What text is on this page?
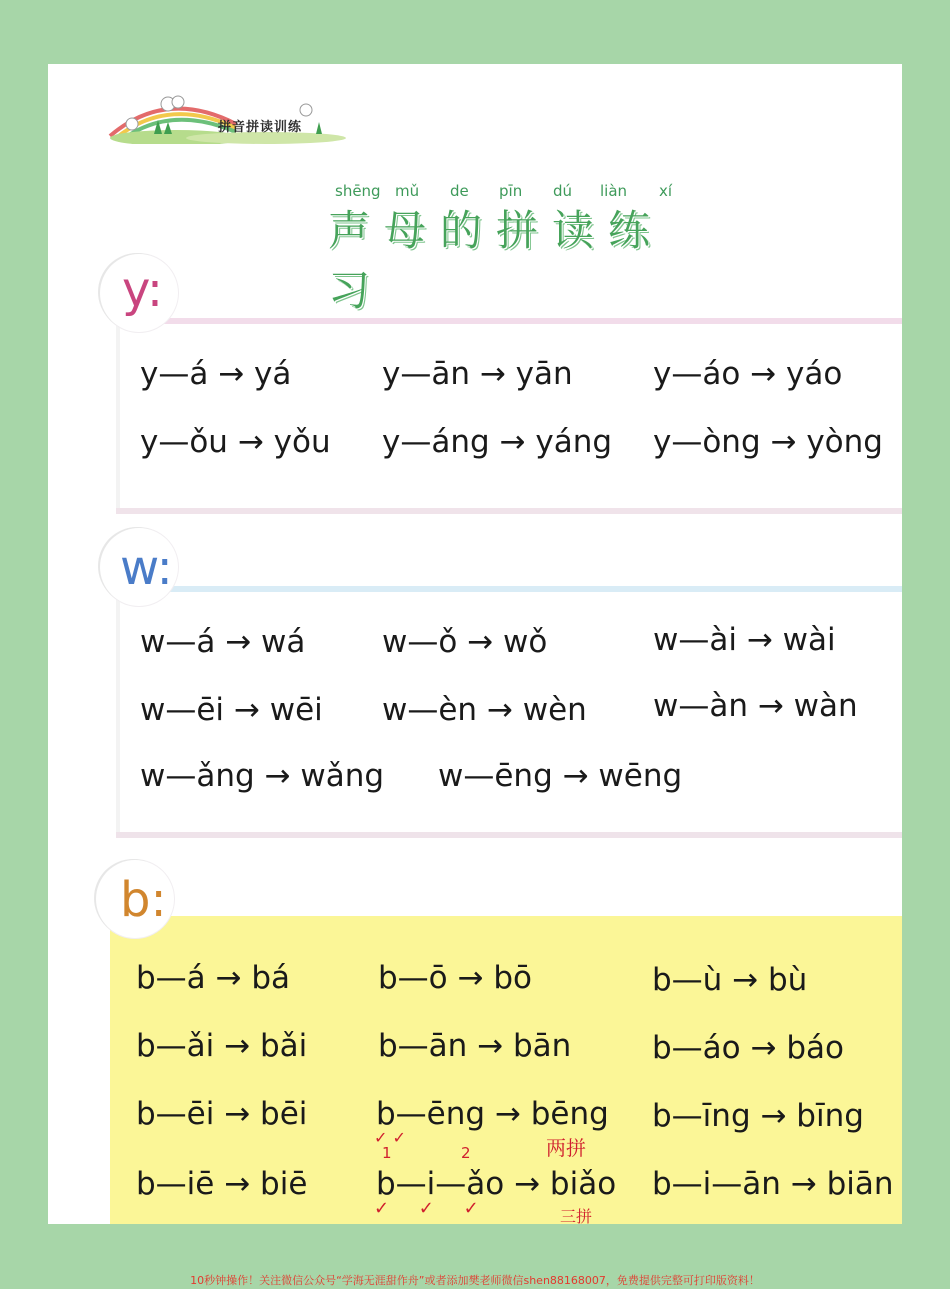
拼音拼读训练
shēng mǔ de pīn dú liàn xí
声母的拼读练习
y:
y—á → yá	y—ān → yān	y—áo → yáo
y—ǒu → yǒu y—áng → yáng y—òng → yòng
w:
w—á → wá w—ǒ → wǒ	w—ài → wài
w—ēi → wēi w—èn → wèn w—àn → wàn
w—ǎng → wǎng w—ēng → wēng
b:
b—á → bá	b—ō → bō	b—ù → bù
b—ǎi → bǎi b—ān → bān	b—áo → báo
b—ēi → bēi b—ēng → bēng b—īng → bīng
b—iē → biē b—i—ǎo → biǎo b—i—ān → biān
✓ ✓
1	2	两拼
✓ ✓ ✓	三拼
10秒钟操作！关注微信公众号“学海无涯甜作舟”或者添加樊老师微信shen88168007，免费提供完整可打印版资料！
